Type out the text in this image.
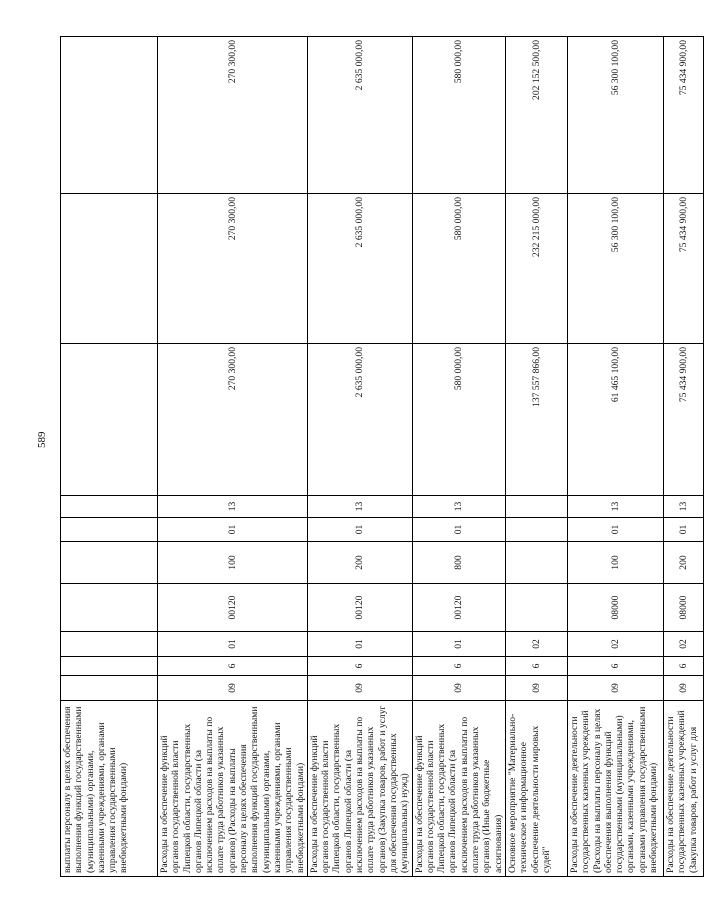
589
выплаты персоналу в целях обеспечения выполнения функций государственными (муниципальными) органами, казенными учреждениями, органами управления государственными внебюджетными фондами)										
Расходы на обеспечение функций органов государственной власти Липецкой области, государственных органов Липецкой области (за исключением расходов на выплаты по оплате труда работников указанных органов) (Расходы на выплаты персоналу в целях обеспечения выполнения функций государственными (муниципальными) органами, казенными учреждениями, органами управления государственными внебюджетными фондами)	09	6	01	00120	100	01	13	270 300,00	270 300,00	270 300,00
Расходы на обеспечение функций органов государственной власти Липецкой области, государственных органов Липецкой области (за исключением расходов на выплаты по оплате труда работников указанных органов) (Закупка товаров, работ и услуг для обеспечения государственных (муниципальных) нужд)	09	6	01	00120	200	01	13	2 635 000,00	2 635 000,00	2 635 000,00
Расходы на обеспечение функций органов государственной власти Липецкой области, государственных органов Липецкой области (за исключением расходов на выплаты по оплате труда работников указанных органов) (Иные бюджетные ассигнования)	09	6	01	00120	800	01	13	580 000,00	580 000,00	580 000,00
Основное мероприятие "Материально-техническое и информационное обеспечение деятельности мировых судей"	09	6	02					137 557 866,00	232 215 000,00	202 152 500,00
Расходы на обеспечение деятельности государственных казенных учреждений (Расходы на выплаты персоналу в целях обеспечения выполнения функций государственными (муниципальными) органами, казенными учреждениями, органами управления государственными внебюджетными фондами)	09	6	02	08000	100	01	13	61 465 100,00	56 300 100,00	56 300 100,00
Расходы на обеспечение деятельности государственных казенных учреждений (Закупка товаров, работ и услуг для	09	6	02	08000	200	01	13	75 434 900,00	75 434 900,00	75 434 900,00
